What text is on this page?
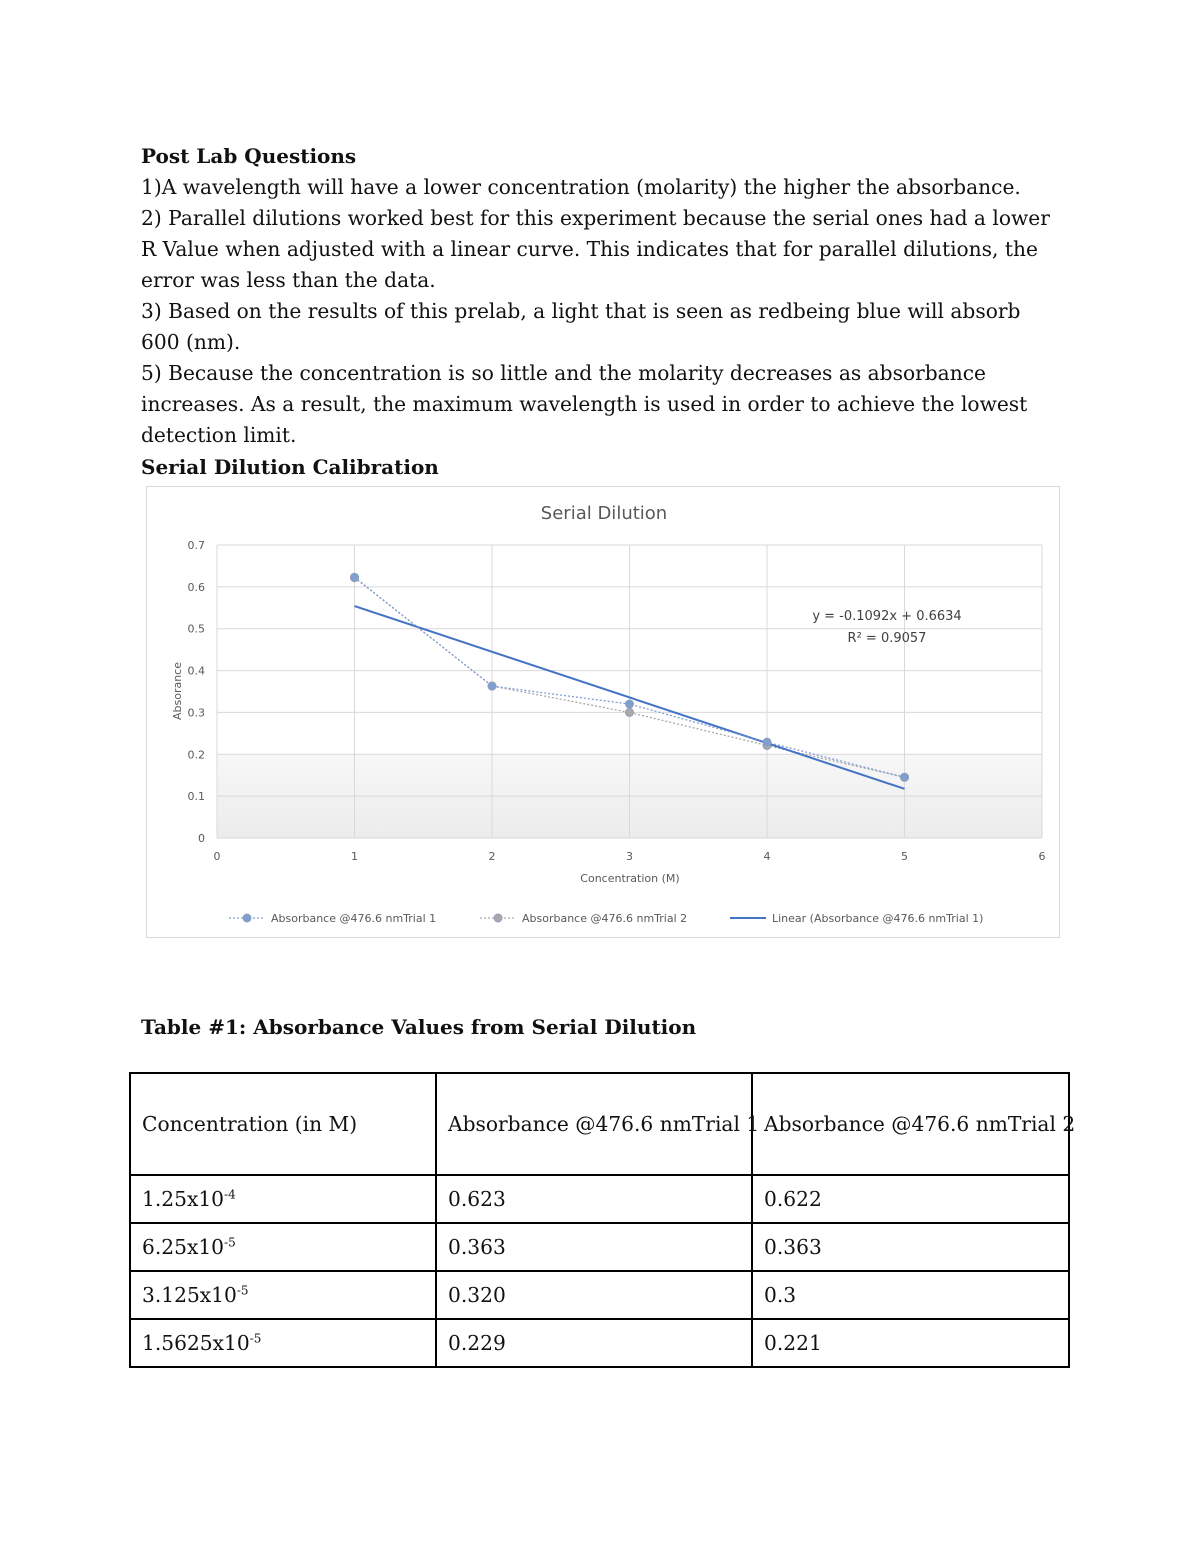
Post Lab Questions

1)A wavelength will have a lower concentration (molarity) the higher the absorbance.

2) Parallel dilutions worked best for this experiment because the serial ones had a lower R Value when adjusted with a linear curve. This indicates that for parallel dilutions, the error was less than the data.

3) Based on the results of this prelab, a light that is seen as redbeing blue will absorb 600 (nm).

5) Because the concentration is so little and the molarity decreases as absorbance increases. As a result, the maximum wavelength is used in order to achieve the lowest detection limit.

Serial Dilution Calibration
Serial Dilution
0
0.1
0.2
0.3
0.4
0.5
0.6
0.7
0	1	2	3	4	5	6
Absorance
Concentration (M)
y = -0.1092x + 0.6634
R² = 0.9057
Absorbance @476.6 nmTrial 1	Absorbance @476.6 nmTrial 2	Linear (Absorbance @476.6 nmTrial 1)
Table #1: Absorbance Values from Serial Dilution
Concentration (in M)	Absorbance @476.6 nmTrial 1	Absorbance @476.6 nmTrial 2
$1.25x10^{-4}$	0.623	0.622
$6.25x10^{-5}$	0.363	0.363
$3.125x10^{-5}$	0.320	0.3
$1.5625x10^{-5}$	0.229	0.221
